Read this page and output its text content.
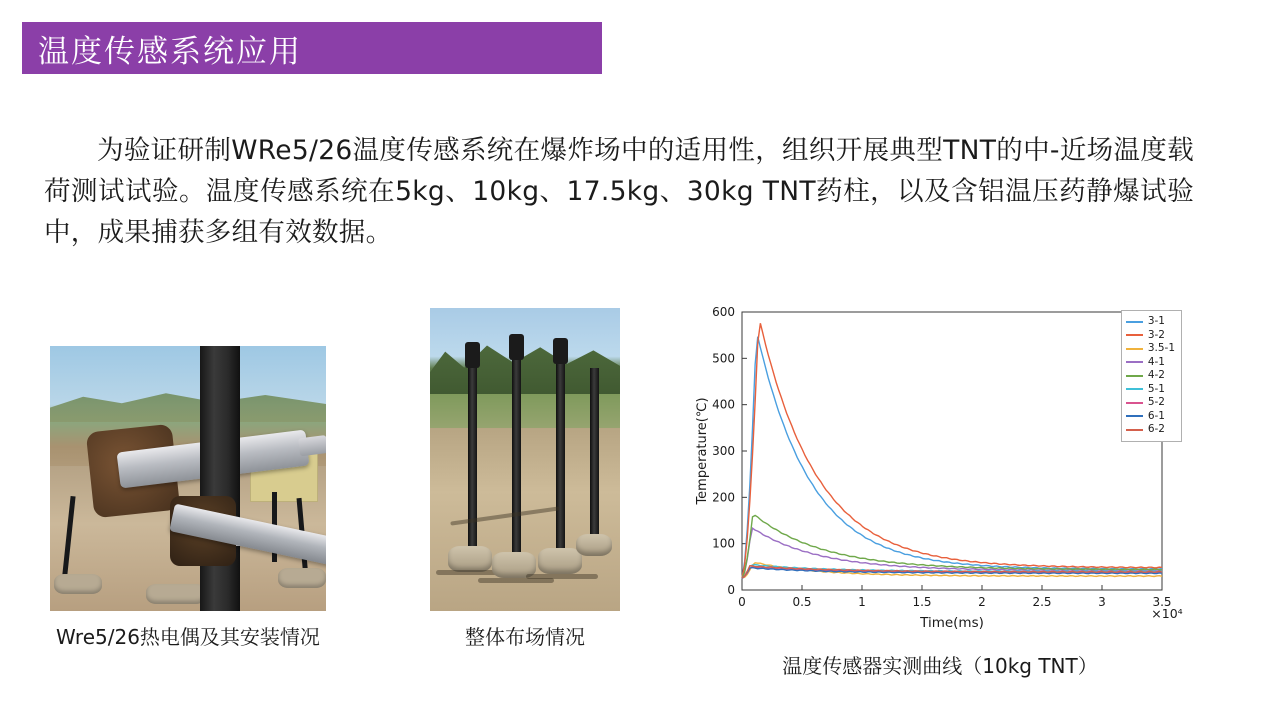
温度传感系统应用
为验证研制WRe5/26温度传感系统在爆炸场中的适用性，组织开展典型TNT的中-近场温度载荷测试试验。温度传感系统在5kg、10kg、17.5kg、30kg TNT药柱，以及含铝温压药静爆试验中，成果捕获多组有效数据。
Wre5/26热电偶及其安装情况	整体布场情况
0	0.5	1	1.5	2	2.5	3	3.5
0
100
200
300
400
500
600
Time(ms)
×10⁴
Temperature(℃)
3-1
3-2
3.5-1
4-1
4-2
5-1
5-2
6-1
6-2
温度传感器实测曲线（10kg TNT）
